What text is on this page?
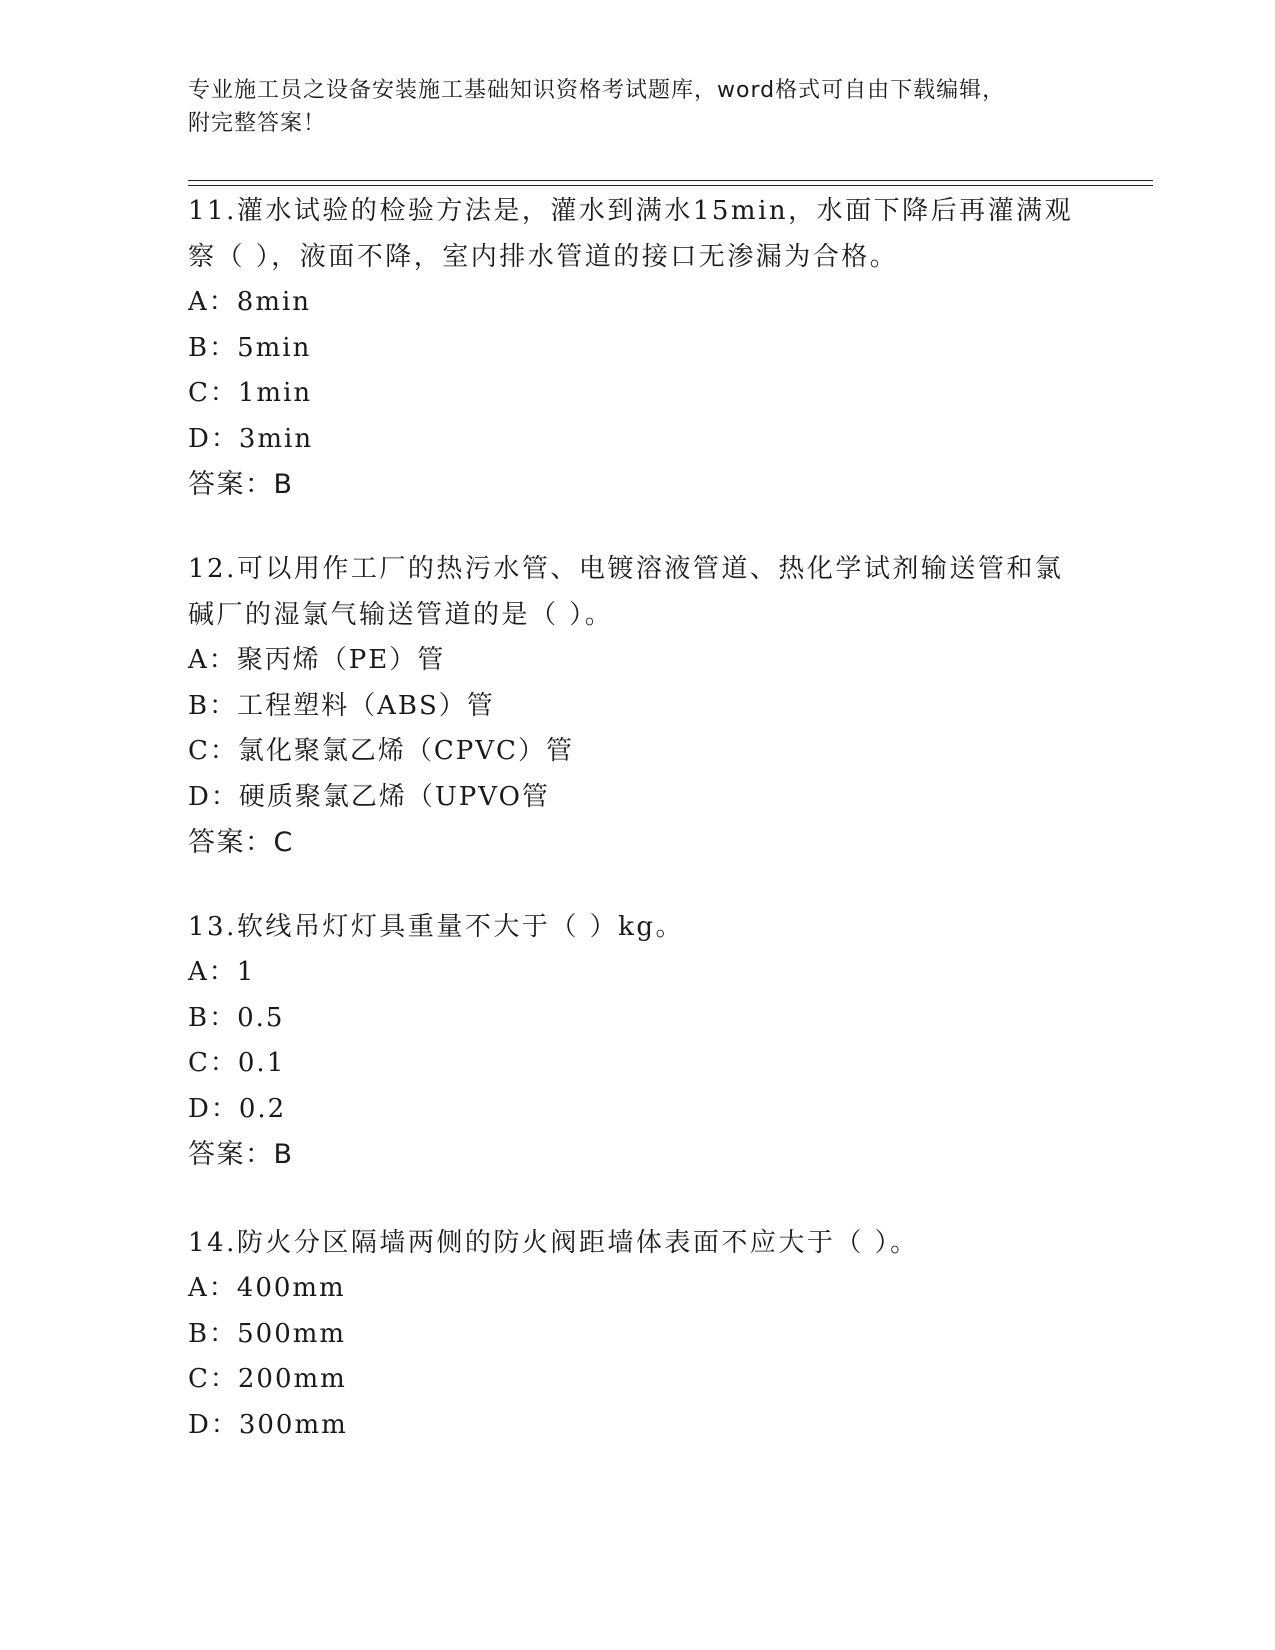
专业施工员之设备安装施工基础知识资格考试题库，word格式可自由下载编辑，
附完整答案！

11.灌水试验的检验方法是，灌水到满水15min，水面下降后再灌满观

察（ ），液面不降，室内排水管道的接口无渗漏为合格。

A：8min

B：5min

C：1min

D：3min

答案：B

12.可以用作工厂的热污水管、电镀溶液管道、热化学试剂输送管和氯

碱厂的湿氯气输送管道的是（ ）。

A：聚丙烯（PE）管

B：工程塑料（ABS）管

C：氯化聚氯乙烯（CPVC）管

D：硬质聚氯乙烯（UPVO管

答案：C

13.软线吊灯灯具重量不大于（ ）kg。

A：1

B：0.5

C：0.1

D：0.2

答案：B

14.防火分区隔墙两侧的防火阀距墙体表面不应大于（ ）。

A：400mm

B：500mm

C：200mm

D：300mm
